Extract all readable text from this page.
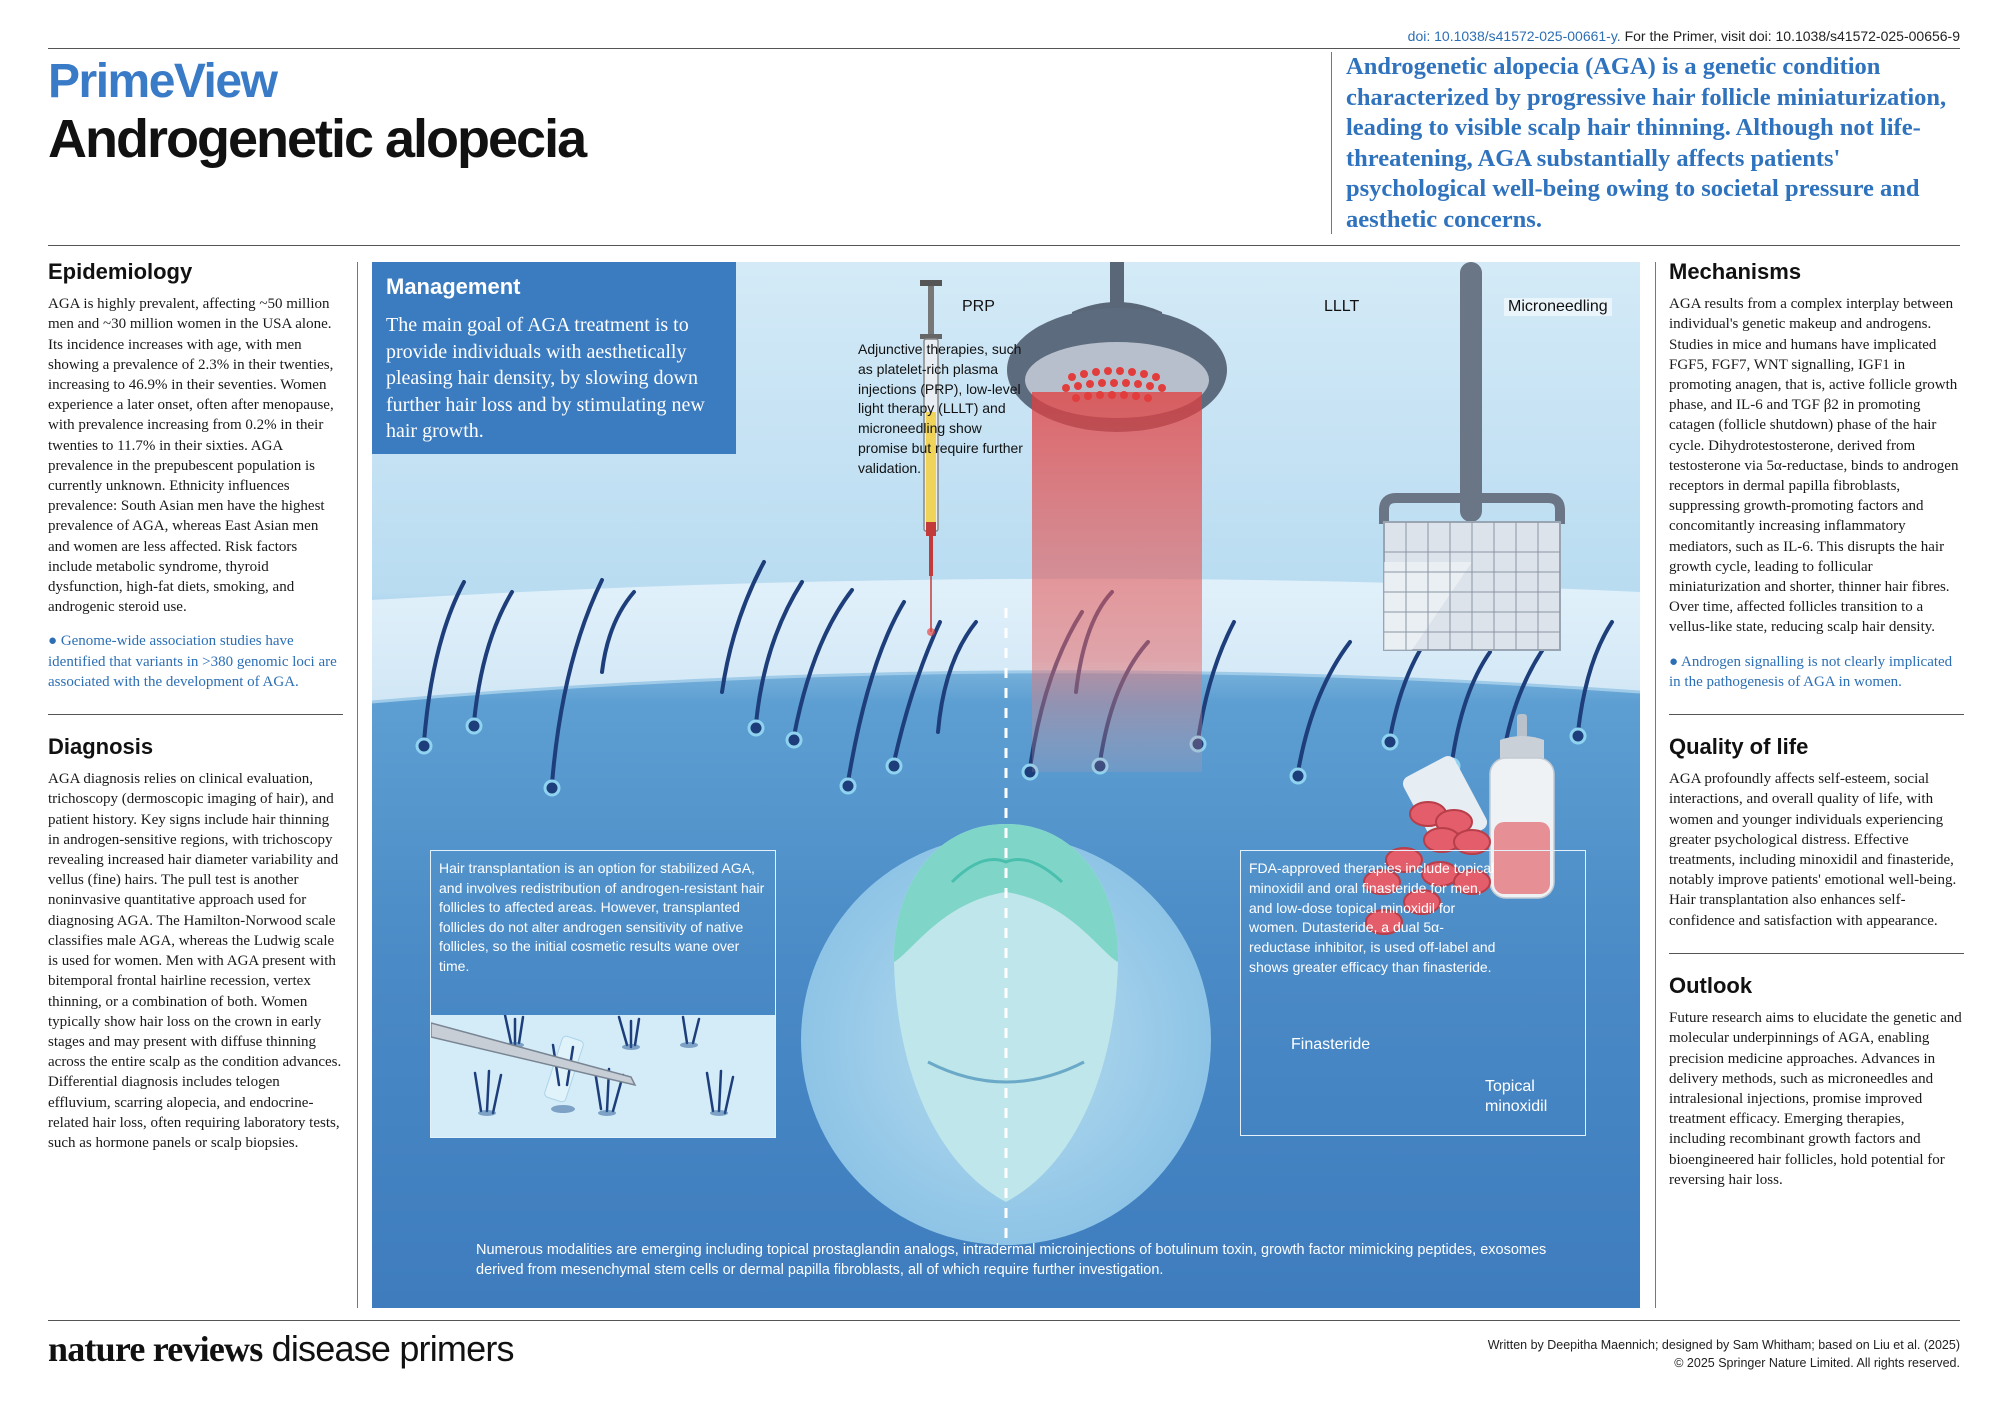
doi: 10.1038/s41572-025-00661-y. For the Primer, visit doi: 10.1038/s41572-025-00656-9
PrimeView
Androgenetic alopecia
Androgenetic alopecia (AGA) is a genetic condition characterized by progressive hair follicle miniaturization, leading to visible scalp hair thinning. Although not life-threatening, AGA substantially affects patients' psychological well-being owing to societal pressure and aesthetic concerns.
Epidemiology

AGA is highly prevalent, affecting ~50 million men and ~30 million women in the USA alone. Its incidence increases with age, with men showing a prevalence of 2.3% in their twenties, increasing to 46.9% in their seventies. Women experience a later onset, often after menopause, with prevalence increasing from 0.2% in their twenties to 11.7% in their sixties. AGA prevalence in the prepubescent population is currently unknown. Ethnicity influences prevalence: South Asian men have the highest prevalence of AGA, whereas East Asian men and women are less affected. Risk factors include metabolic syndrome, thyroid dysfunction, high-fat diets, smoking, and androgenic steroid use.

● Genome-wide association studies have identified that variants in >380 genomic loci are associated with the development of AGA.

Diagnosis

AGA diagnosis relies on clinical evaluation, trichoscopy (dermoscopic imaging of hair), and patient history. Key signs include hair thinning in androgen-sensitive regions, with trichoscopy revealing increased hair diameter variability and vellus (fine) hairs. The pull test is another noninvasive quantitative approach used for diagnosing AGA. The Hamilton-Norwood scale classifies male AGA, whereas the Ludwig scale is used for women. Men with AGA present with bitemporal frontal hairline recession, vertex thinning, or a combination of both. Women typically show hair loss on the crown in early stages and may present with diffuse thinning across the entire scalp as the condition advances. Differential diagnosis includes telogen effluvium, scarring alopecia, and endocrine-related hair loss, often requiring laboratory tests, such as hormone panels or scalp biopsies.

Management

The main goal of AGA treatment is to provide individuals with aesthetically pleasing hair density, by slowing down further hair loss and by stimulating new hair growth.

Adjunctive therapies, such as platelet-rich plasma injections (PRP), low-level light therapy (LLLT) and microneedling show promise but require further validation.
PRP	LLLT	Microneedling
Hair transplantation is an option for stabilized AGA, and involves redistribution of androgen-resistant hair follicles to affected areas. However, transplanted follicles do not alter androgen sensitivity of native follicles, so the initial cosmetic results wane over time.
FDA-approved therapies include topical minoxidil and oral finasteride for men, and low-dose topical minoxidil for women. Dutasteride, a dual 5α-reductase inhibitor, is used off-label and shows greater efficacy than finasteride.
Finasteride
Topical
minoxidil
Numerous modalities are emerging including topical prostaglandin analogs, intradermal microinjections of botulinum toxin, growth factor mimicking peptides, exosomes derived from mesenchymal stem cells or dermal papilla fibroblasts, all of which require further investigation.
Mechanisms

AGA results from a complex interplay between individual's genetic makeup and androgens. Studies in mice and humans have implicated FGF5, FGF7, WNT signalling, IGF1 in promoting anagen, that is, active follicle growth phase, and IL-6 and TGF β2 in promoting catagen (follicle shutdown) phase of the hair cycle. Dihydrotestosterone, derived from testosterone via 5α-reductase, binds to androgen receptors in dermal papilla fibroblasts, suppressing growth-promoting factors and concomitantly increasing inflammatory mediators, such as IL-6. This disrupts the hair growth cycle, leading to follicular miniaturization and shorter, thinner hair fibres. Over time, affected follicles transition to a vellus-like state, reducing scalp hair density.

● Androgen signalling is not clearly implicated in the pathogenesis of AGA in women.

Quality of life

AGA profoundly affects self-esteem, social interactions, and overall quality of life, with women and younger individuals experiencing greater psychological distress. Effective treatments, including minoxidil and finasteride, notably improve patients' emotional well-being. Hair transplantation also enhances self-confidence and satisfaction with appearance.

Outlook

Future research aims to elucidate the genetic and molecular underpinnings of AGA, enabling precision medicine approaches. Advances in delivery methods, such as microneedles and intralesional injections, promise improved treatment efficacy. Emerging therapies, including recombinant growth factors and bioengineered hair follicles, hold potential for reversing hair loss.

nature reviews disease primers	Written by Deepitha Maennich; designed by Sam Whitham; based on Liu et al. (2025)
© 2025 Springer Nature Limited. All rights reserved.
